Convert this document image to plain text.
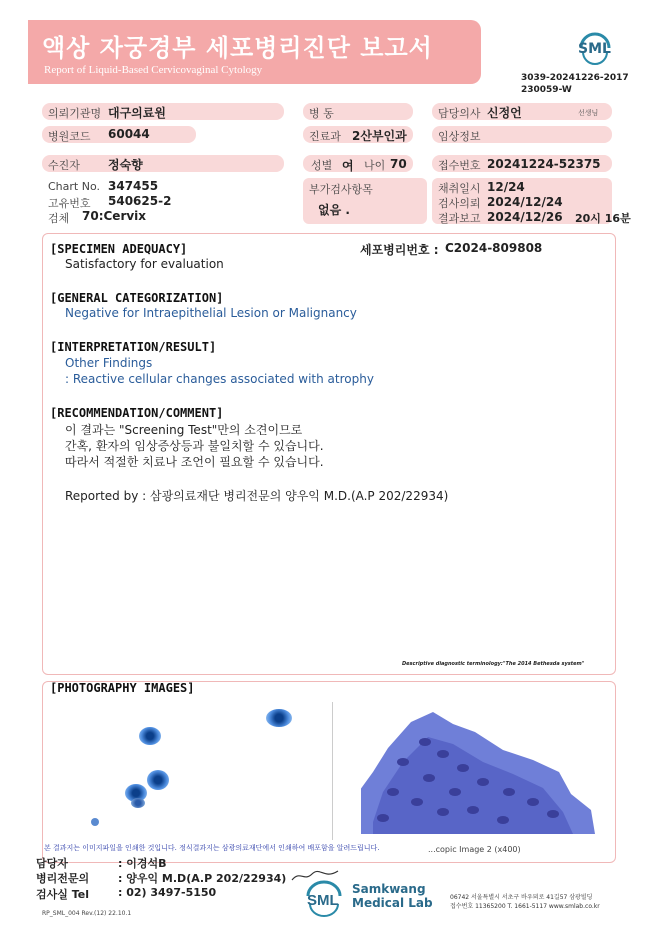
액상 자궁경부 세포병리진단 보고서
Report of Liquid-Based Cervicovaginal Cytology
SML
3039-20241226-2017
230059-W
의뢰기관명 대구의료원	병 동	담당의사 신정언	선생님
병원코드 60044	진료과 2산부인과	임상정보
수진자 정숙향	성별 여 나이 70	접수번호 20241224-52375
Chart No. 347455
고유번호 540625-2
검체 70:Cervix
부가검사항목
없음 .
채취일시 12/24
검사의뢰 2024/12/24
결과보고 2024/12/26 20시 16분
[SPECIMEN ADEQUACY]	세포병리번호 : C2024-809808
Satisfactory for evaluation
[GENERAL CATEGORIZATION]
Negative for Intraepithelial Lesion or Malignancy
[INTERPRETATION/RESULT]
Other Findings
: Reactive cellular changes associated with atrophy
[RECOMMENDATION/COMMENT]
이 결과는 "Screening Test"만의 소견이므로
간혹, 환자의 임상증상등과 불일치할 수 있습니다.
따라서 적절한 치료나 조언이 필요할 수 있습니다.
Reported by : 삼광의료재단 병리전문의 양우익 M.D.(A.P 202/22934)
Descriptive diagnostic terminology:"The 2014 Bethesda system"
[PHOTOGRAPHY IMAGES]
...copic Image 2 (x400)
본 결과지는 이미지파일을 인쇄한 것입니다. 정식결과지는 삼광의료재단에서 인쇄하여 배포함을 알려드립니다.
담당자	: 이경석B
병리전문의	: 양우익 M.D(A.P 202/22934)
검사실 Tel	: 02) 3497-5150
RP_SML_004 Rev.(12) 22.10.1
SML
Samkwang
Medical Lab	06742 서울특별시 서초구 바우뫼로 41길57 삼광빌딩
접수번호 11365200 T. 1661-5117 www.smlab.co.kr
